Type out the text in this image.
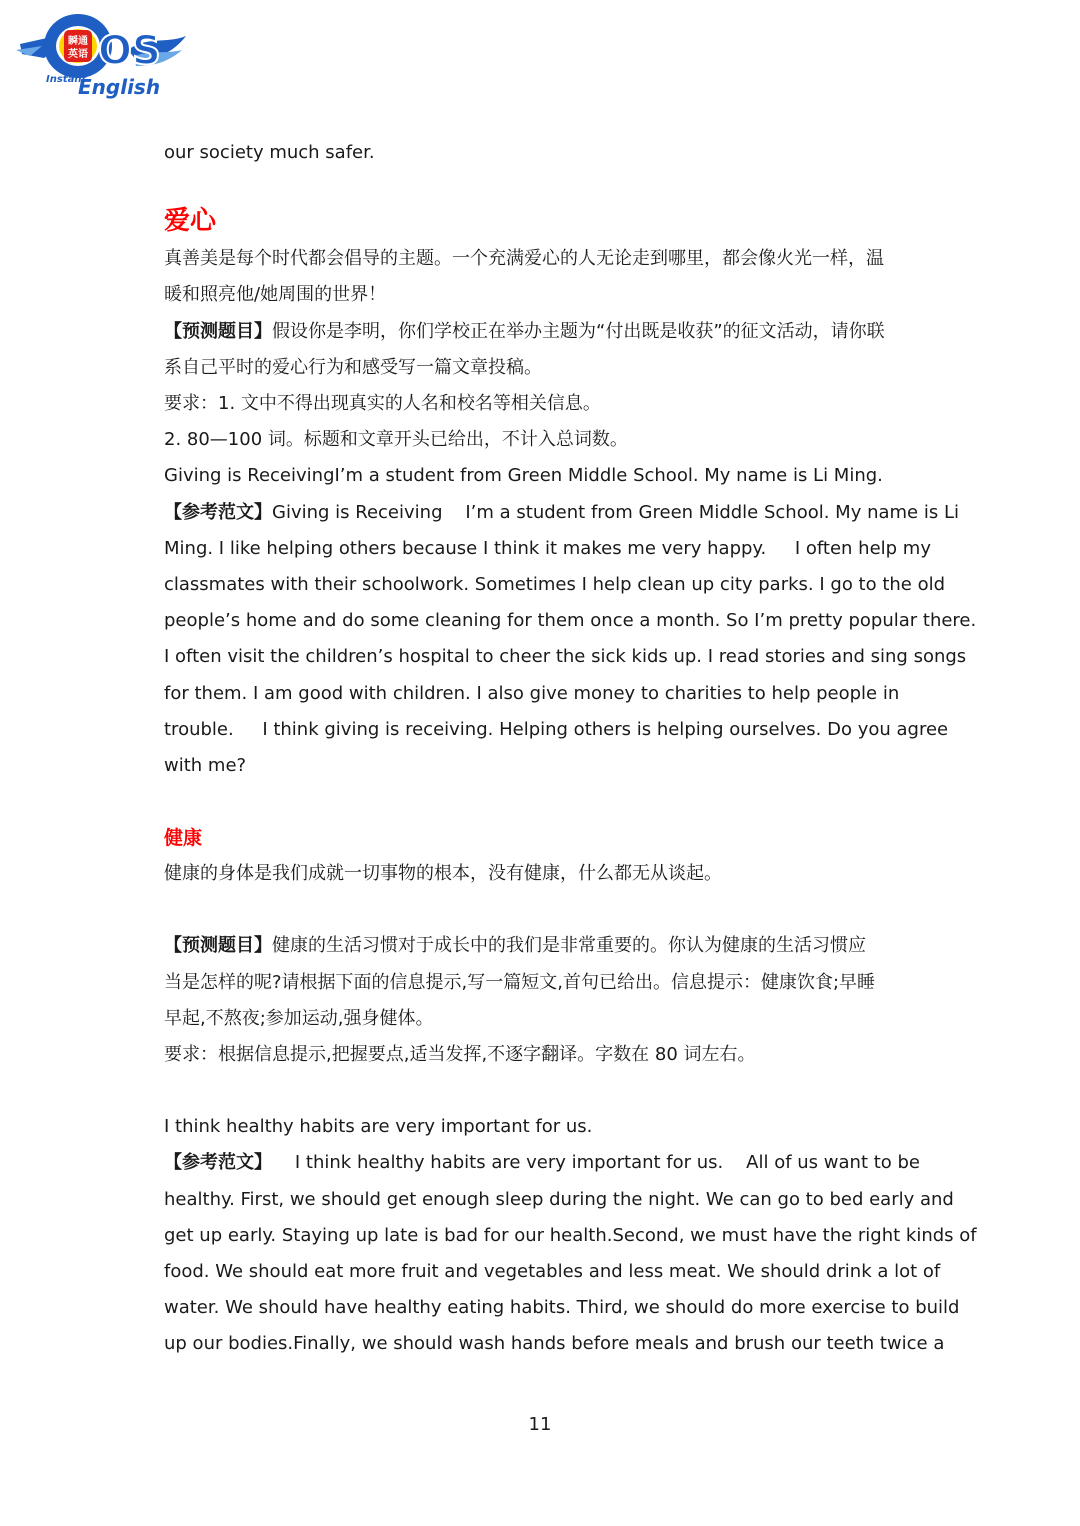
瞬通
英语 OS
Instant
English
our society much safer.
爱心
真善美是每个时代都会倡导的主题。一个充满爱心的人无论走到哪里，都会像火光一样，温
暖和照亮他/她周围的世界！
【预测题目】假设你是李明，你们学校正在举办主题为“付出既是收获”的征文活动，请你联
系自己平时的爱心行为和感受写一篇文章投稿。
要求：1. 文中不得出现真实的人名和校名等相关信息。
2. 80—100 词。标题和文章开头已给出，不计入总词数。
Giving is ReceivingI’m a student from Green Middle School. My name is Li Ming.
【参考范文】Giving is Receiving    I’m a student from Green Middle School. My name is Li
Ming. I like helping others because I think it makes me very happy.     I often help my
classmates with their schoolwork. Sometimes I help clean up city parks. I go to the old
people’s home and do some cleaning for them once a month. So I’m pretty popular there.
I often visit the children’s hospital to cheer the sick kids up. I read stories and sing songs
for them. I am good with children. I also give money to charities to help people in
trouble.     I think giving is receiving. Helping others is helping ourselves. Do you agree
with me?
健康
健康的身体是我们成就一切事物的根本，没有健康，什么都无从谈起。
【预测题目】健康的生活习惯对于成长中的我们是非常重要的。你认为健康的生活习惯应
当是怎样的呢?请根据下面的信息提示,写一篇短文,首句已给出。信息提示：健康饮食;早睡
早起,不熬夜;参加运动,强身健体。
要求：根据信息提示,把握要点,适当发挥,不逐字翻译。字数在 80 词左右。
I think healthy habits are very important for us.
【参考范文】    I think healthy habits are very important for us.    All of us want to be
healthy. First, we should get enough sleep during the night. We can go to bed early and
get up early. Staying up late is bad for our health.Second, we must have the right kinds of
food. We should eat more fruit and vegetables and less meat. We should drink a lot of
water. We should have healthy eating habits. Third, we should do more exercise to build
up our bodies.Finally, we should wash hands before meals and brush our teeth twice a
11
